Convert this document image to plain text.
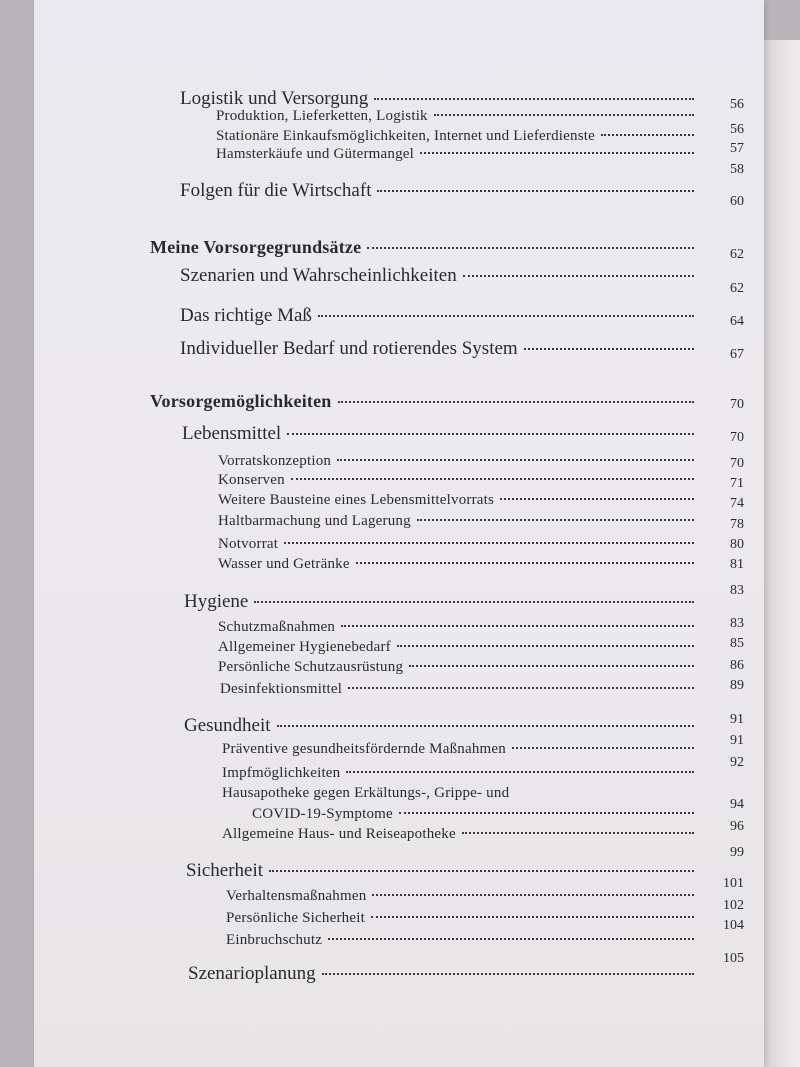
56
Logistik und Versorgung
56
Produktion, Lieferketten, Logistik
57
Stationäre Einkaufsmöglichkeiten, Internet und Lieferdienste
58
Hamsterkäufe und Gütermangel
60
Folgen für die Wirtschaft
62
Meine Vorsorgegrundsätze
62
Szenarien und Wahrscheinlichkeiten
64
Das richtige Maß
67
Individueller Bedarf und rotierendes System
70
Vorsorgemöglichkeiten
70
Lebensmittel
70
Vorratskonzeption
71
Konserven
74
Weitere Bausteine eines Lebensmittelvorrats
78
Haltbarmachung und Lagerung
80
Notvorrat
81
Wasser und Getränke
83
Hygiene
83
Schutzmaßnahmen
85
Allgemeiner Hygienebedarf
86
Persönliche Schutzausrüstung
89
Desinfektionsmittel
91
Gesundheit
91
Präventive gesundheitsfördernde Maßnahmen
92
Impfmöglichkeiten
Hausapotheke gegen Erkältungs-, Grippe- und
94
COVID-19-Symptome
96
Allgemeine Haus- und Reiseapotheke
99
Sicherheit
101
Verhaltensmaßnahmen
102
Persönliche Sicherheit	104
Einbruchschutz
105
Szenarioplanung
